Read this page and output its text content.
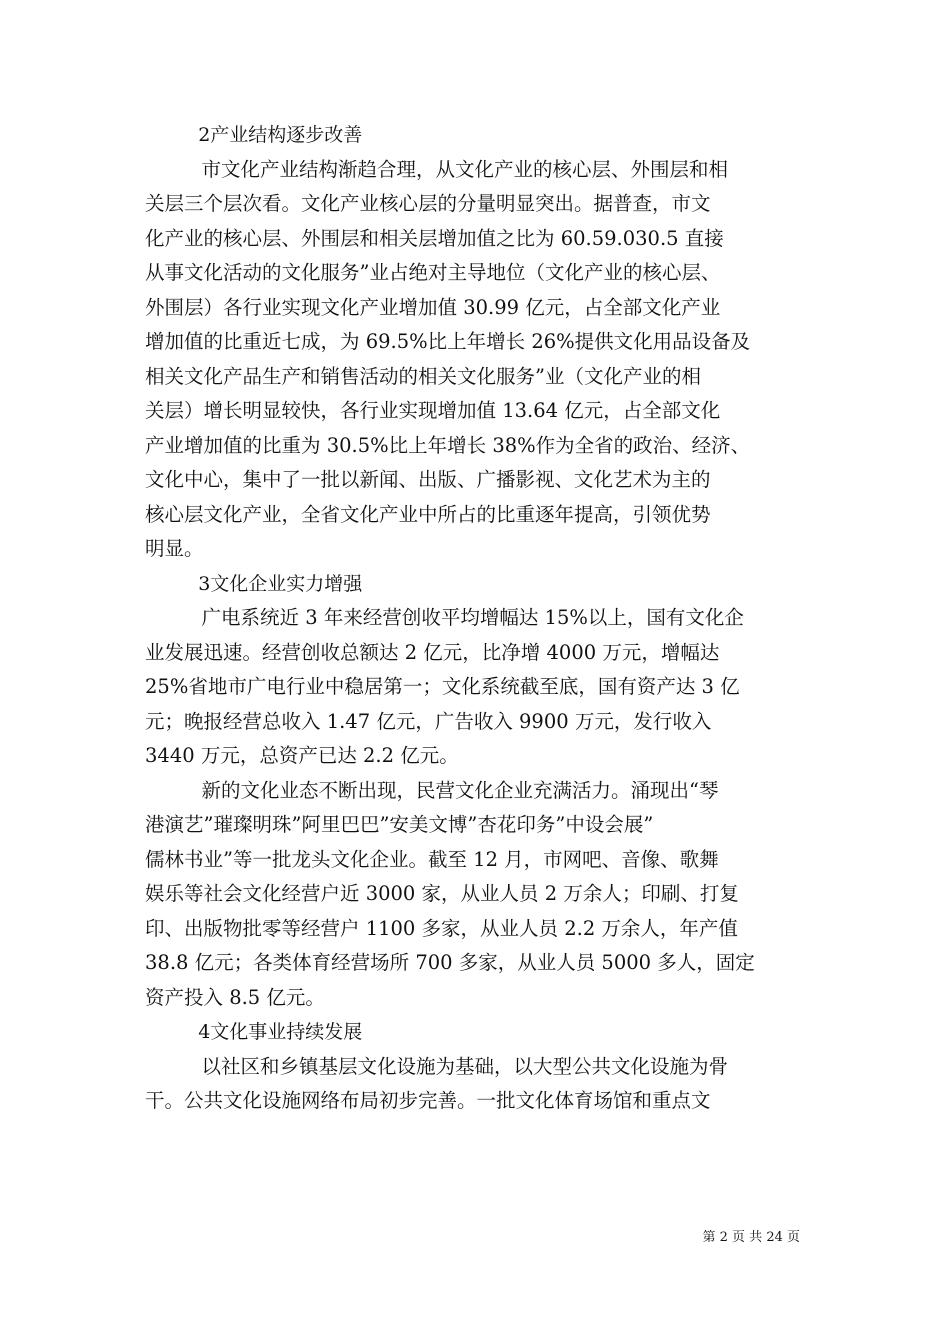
2产业结构逐步改善

市文化产业结构渐趋合理，从文化产业的核心层、外围层和相
关层三个层次看。文化产业核心层的分量明显突出。据普查，市文
化产业的核心层、外围层和相关层增加值之比为 60.59.030.5 直接
从事文化活动的文化服务”业占绝对主导地位（文化产业的核心层、
外围层）各行业实现文化产业增加值 30.99 亿元，占全部文化产业
增加值的比重近七成，为 69.5%比上年增长 26%提供文化用品设备及
相关文化产品生产和销售活动的相关文化服务”业（文化产业的相
关层）增长明显较快，各行业实现增加值 13.64 亿元，占全部文化
产业增加值的比重为 30.5%比上年增长 38%作为全省的政治、经济、
文化中心，集中了一批以新闻、出版、广播影视、文化艺术为主的
核心层文化产业，全省文化产业中所占的比重逐年提高，引领优势
明显。

3文化企业实力增强

广电系统近 3 年来经营创收平均增幅达 15%以上，国有文化企
业发展迅速。经营创收总额达 2 亿元，比净增 4000 万元，增幅达
25%省地市广电行业中稳居第一；文化系统截至底，国有资产达 3 亿
元；晚报经营总收入 1.47 亿元，广告收入 9900 万元，发行收入
3440 万元，总资产已达 2.2 亿元。

新的文化业态不断出现，民营文化企业充满活力。涌现出“琴
港演艺”璀璨明珠”阿里巴巴”安美文博”杏花印务”中设会展”
儒林书业”等一批龙头文化企业。截至 12 月，市网吧、音像、歌舞
娱乐等社会文化经营户近 3000 家，从业人员 2 万余人；印刷、打复
印、出版物批零等经营户 1100 多家，从业人员 2.2 万余人，年产值
38.8 亿元；各类体育经营场所 700 多家，从业人员 5000 多人，固定
资产投入 8.5 亿元。

4文化事业持续发展

以社区和乡镇基层文化设施为基础，以大型公共文化设施为骨
干。公共文化设施网络布局初步完善。一批文化体育场馆和重点文

第 2 页 共 24 页
